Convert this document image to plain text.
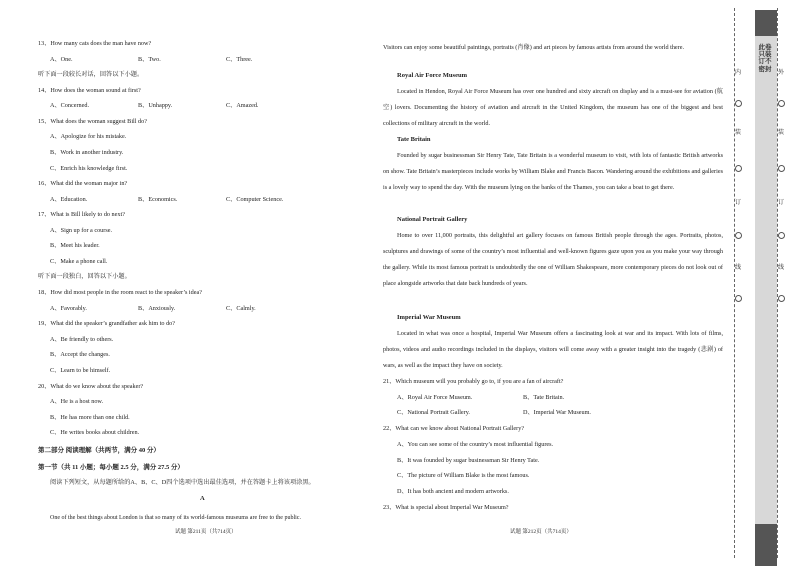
13、How many cats does the man have now?
A、One.	B、Two.	C、Three.
听下面一段较长对话，回答以下小题。
14、How does the woman sound at first?
A、Concerned.	B、Unhappy.	C、Amazed.
15、What does the woman suggest Bill do?
A、Apologize for his mistake.
B、Work in another industry.
C、Enrich his knowledge first.
16、What did the woman major in?
A、Education.	B、Economics.	C、Computer Science.
17、What is Bill likely to do next?
A、Sign up for a course.
B、Meet his leader.
C、Make a phone call.
听下面一段独白，回答以下小题。
18、How did most people in the room react to the speaker’s idea?
A、Favorably.	B、Anxiously.	C、Calmly.
19、What did the speaker’s grandfather ask him to do?
A、Be friendly to others.
B、Accept the changes.
C、Learn to be himself.
20、What do we know about the speaker?
A、He is a host now.
B、He has more than one child.
C、He writes books about children.
第二部分 阅读理解（共两节，满分 40 分）
第一节（共 11 小题；每小题 2.5 分，满分 27.5 分）
阅读下列短文，从每题所给的A、B、C、D四个选项中选出最佳选项，并在答题卡上将该项涂黑。
A
One of the best things about London is that so many of its world-famous museums are free to the public.
试题 第211页（共714页）
Visitors can enjoy some beautiful paintings, portraits (肖像) and art pieces by famous artists from around the world there.
Royal Air Force Museum
Located in Hendon, Royal Air Force Museum has over one hundred and sixty aircraft on display and is a must-see for aviation (航空) lovers. Documenting the history of aviation and aircraft in the United Kingdom, the museum has one of the biggest and best collections of military aircraft in the world.
Tate Britain
Founded by sugar businessman Sir Henry Tate, Tate Britain is a wonderful museum to visit, with lots of fantastic British artworks on show. Tate Britain’s masterpieces include works by William Blake and Francis Bacon. Wandering around the exhibitions and galleries is a lovely way to spend the day. With the museum lying on the banks of the Thames, you can take a boat to get there.
National Portrait Gallery
Home to over 11,000 portraits, this delightful art gallery focuses on famous British people through the ages. Portraits, photos, sculptures and drawings of some of the country’s most influential and well-known figures gaze upon you as you make your way through the gallery. While its most famous portrait is undoubtedly the one of William Shakespeare, more contemporary pieces do not look out of place alongside artworks that date back hundreds of years.
Imperial War Museum
Located in what was once a hospital, Imperial War Museum offers a fascinating look at war and its impact. With lots of films, photos, videos and audio recordings included in the displays, visitors will come away with a greater insight into the tragedy (悲剧) of wars, as well as the impact they have on society.
21、Which museum will you probably go to, if you are a fan of aircraft?
A、Royal Air Force Museum.	B、Tate Britain.
C、National Portrait Gallery.	D、Imperial War Museum.
22、What can we know about National Portrait Gallery?
A、You can see some of the country’s most influential figures.
B、It was founded by sugar businessman Sir Henry Tate.
C、The picture of William Blake is the most famous.
D、It has both ancient and modern artworks.
23、What is special about Imperial War Museum?
试题 第212页（共714页）
内
装
订
线
外
装
订
线
此卷只装订不密封
